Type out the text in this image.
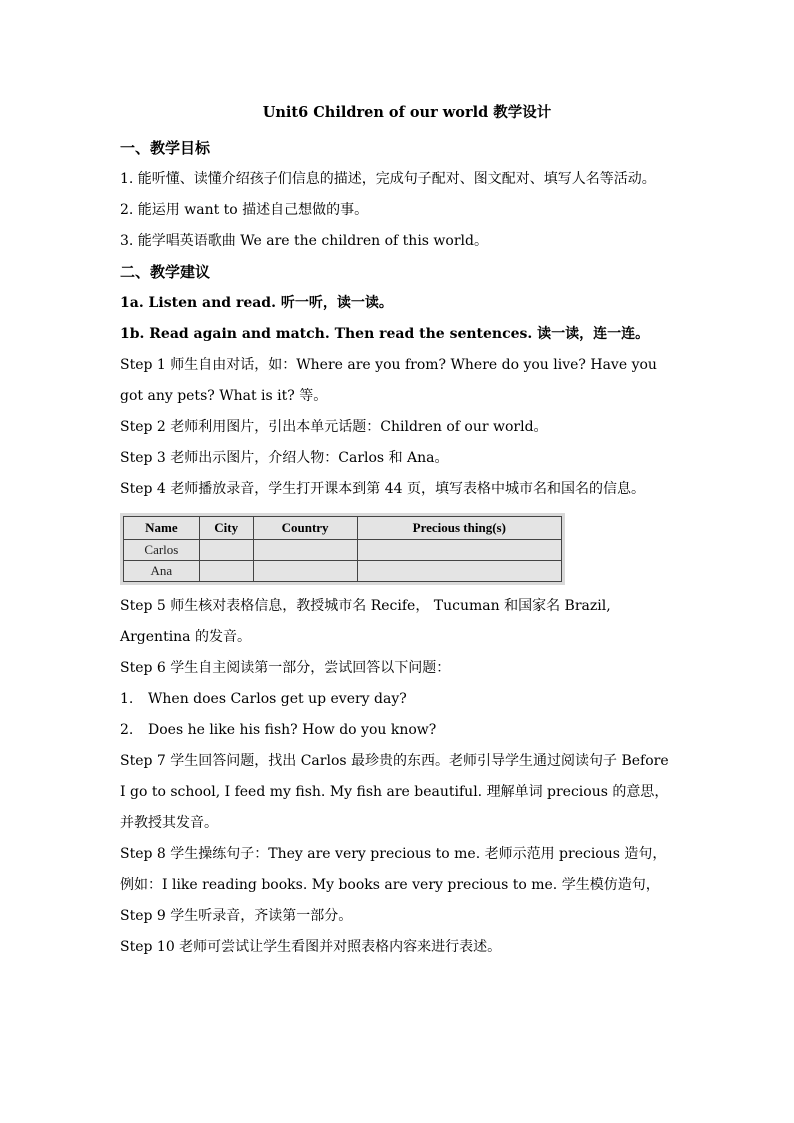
Unit6 Children of our world 教学设计
一、教学目标
1. 能听懂、读懂介绍孩子们信息的描述，完成句子配对、图文配对、填写人名等活动。
2. 能运用 want to 描述自己想做的事。
3. 能学唱英语歌曲 We are the children of this world。
二、教学建议
1a. Listen and read. 听一听，读一读。
1b. Read again and match. Then read the sentences. 读一读，连一连。
Step 1 师生自由对话，如：Where are you from? Where do you live? Have you got any pets? What is it? 等。
Step 2 老师利用图片，引出本单元话题：Children of our world。
Step 3 老师出示图片，介绍人物：Carlos 和 Ana。
Step 4 老师播放录音，学生打开课本到第 44 页，填写表格中城市名和国名的信息。
Name	City	Country	Precious thing(s)
Carlos			
Ana			
Step 5 师生核对表格信息，教授城市名 Recife， Tucuman 和国家名 Brazil, Argentina 的发音。
Step 6 学生自主阅读第一部分，尝试回答以下问题：
1. When does Carlos get up every day?
2. Does he like his fish? How do you know?
Step 7 学生回答问题，找出 Carlos 最珍贵的东西。老师引导学生通过阅读句子 Before I go to school, I feed my fish. My fish are beautiful. 理解单词 precious 的意思，并教授其发音。
Step 8 学生操练句子：They are very precious to me. 老师示范用 precious 造句，例如：I like reading books. My books are very precious to me. 学生模仿造句，
Step 9 学生听录音，齐读第一部分。
Step 10 老师可尝试让学生看图并对照表格内容来进行表述。
